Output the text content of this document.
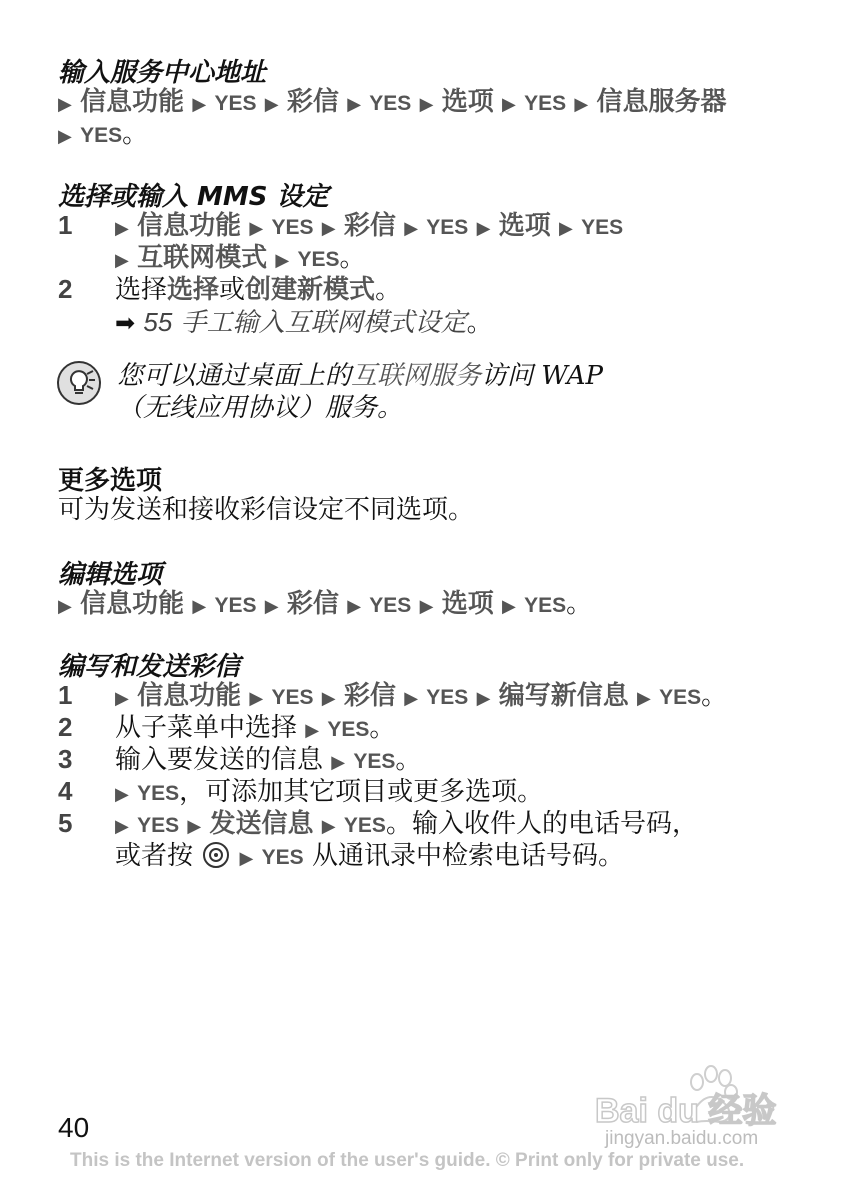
输入服务中心地址
▶ 信息功能 ▶ YES ▶ 彩信 ▶ YES ▶ 选项 ▶ YES ▶ 信息服务器
▶ YES。
选择或输入 MMS 设定
1 ▶ 信息功能 ▶ YES ▶ 彩信 ▶ YES ▶ 选项 ▶ YES
▶ 互联网模式 ▶ YES。
2 选择选择或创建新模式。
➡ 55 手工输入互联网模式设定。
您可以通过桌面上的互联网服务访问 WAP
（无线应用协议）服务。
更多选项
可为发送和接收彩信设定不同选项。
编辑选项
▶ 信息功能 ▶ YES ▶ 彩信 ▶ YES ▶ 选项 ▶ YES。
编写和发送彩信
1 ▶ 信息功能 ▶ YES ▶ 彩信 ▶ YES ▶ 编写新信息 ▶ YES。
2 从子菜单中选择 ▶ YES。
3 输入要发送的信息 ▶ YES。
4 ▶ YES，可添加其它项目或更多选项。
5 ▶ YES ▶ 发送信息 ▶ YES。输入收件人的电话号码，
或者按	▶ YES 从通讯录中检索电话号码。
Bai du 经验
jingyan.baidu.com
40
This is the Internet version of the user's guide. © Print only for private use.
